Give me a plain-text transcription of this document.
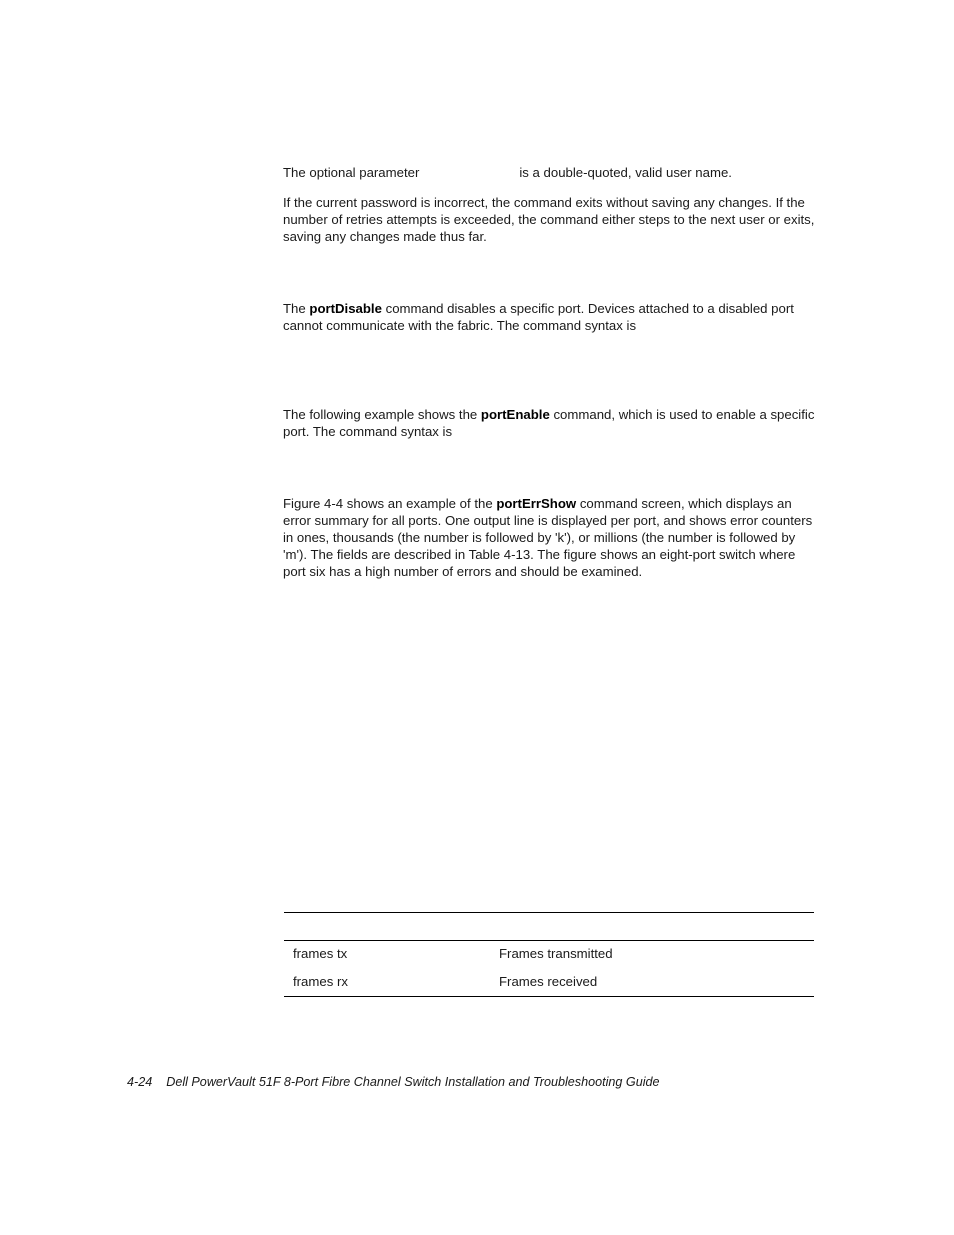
The optional parameter	is a double-quoted, valid user name.

If the current password is incorrect, the command exits without saving any changes. If the number of retries attempts is exceeded, the command either steps to the next user or exits, saving any changes made thus far.

The portDisable command disables a specific port. Devices attached to a disabled port cannot communicate with the fabric. The command syntax is

The following example shows the portEnable command, which is used to enable a specific port. The command syntax is

Figure 4-4 shows an example of the portErrShow command screen, which displays an error summary for all ports. One output line is displayed per port, and shows error counters in ones, thousands (the number is followed by 'k'), or millions (the number is followed by 'm'). The fields are described in Table 4-13. The figure shows an eight-port switch where port six has a high number of errors and should be examined.

frames tx	Frames transmitted
frames rx	Frames received
4-24 Dell PowerVault 51F 8-Port Fibre Channel Switch Installation and Troubleshooting Guide
